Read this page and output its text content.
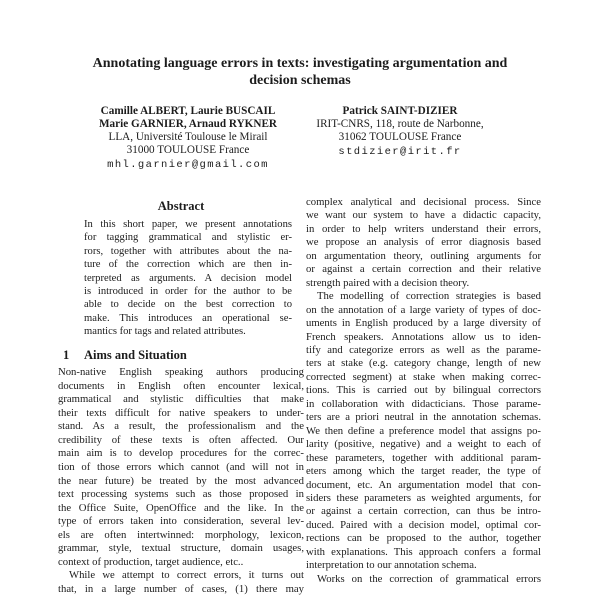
Annotating language errors in texts: investigating argumentation and
decision schemas
Camille ALBERT, Laurie BUSCAIL
Marie GARNIER, Arnaud RYKNER
LLA, Université Toulouse le Mirail
31000 TOULOUSE France
mhl.garnier@gmail.com
Patrick SAINT-DIZIER
IRIT-CNRS, 118, route de Narbonne,
31062 TOULOUSE France
stdizier@irit.fr
Abstract
In this short paper, we present annotations
for tagging grammatical and stylistic er-
rors, together with attributes about the na-
ture of the correction which are then in-
terpreted as arguments. A decision model
is introduced in order for the author to be
able to decide on the best correction to
make. This introduces an operational se-
mantics for tags and related attributes.
1	Aims and Situation
Non-native English speaking authors producing
documents in English often encounter lexical,
grammatical and stylistic difficulties that make
their texts difficult for native speakers to under-
stand. As a result, the professionalism and the
credibility of these texts is often affected. Our
main aim is to develop procedures for the correc-
tion of those errors which cannot (and will not in
the near future) be treated by the most advanced
text processing systems such as those proposed in
the Office Suite, OpenOffice and the like. In the
type of errors taken into consideration, several lev-
els are often intertwinned: morphology, lexicon,
grammar, style, textual structure, domain usages,
context of production, target audience, etc..
While we attempt to correct errors, it turns out
that, in a large number of cases, (1) there may
complex analytical and decisional process. Since
we want our system to have a didactic capacity,
in order to help writers understand their errors,
we propose an analysis of error diagnosis based
on argumentation theory, outlining arguments for
or against a certain correction and their relative
strength paired with a decision theory.
The modelling of correction strategies is based
on the annotation of a large variety of types of doc-
uments in English produced by a large diversity of
French speakers. Annotations allow us to iden-
tify and categorize errors as well as the parame-
ters at stake (e.g. category change, length of new
corrected segment) at stake when making correc-
tions. This is carried out by bilingual correctors
in collaboration with didacticians. Those parame-
ters are a priori neutral in the annotation schemas.
We then define a preference model that assigns po-
larity (positive, negative) and a weight to each of
these parameters, together with additional param-
eters among which the target reader, the type of
document, etc. An argumentation model that con-
siders these parameters as weighted arguments, for
or against a certain correction, can thus be intro-
duced. Paired with a decision model, optimal cor-
rections can be proposed to the author, together
with explanations. This approach confers a formal
interpretation to our annotation schema.
Works on the correction of grammatical errors
